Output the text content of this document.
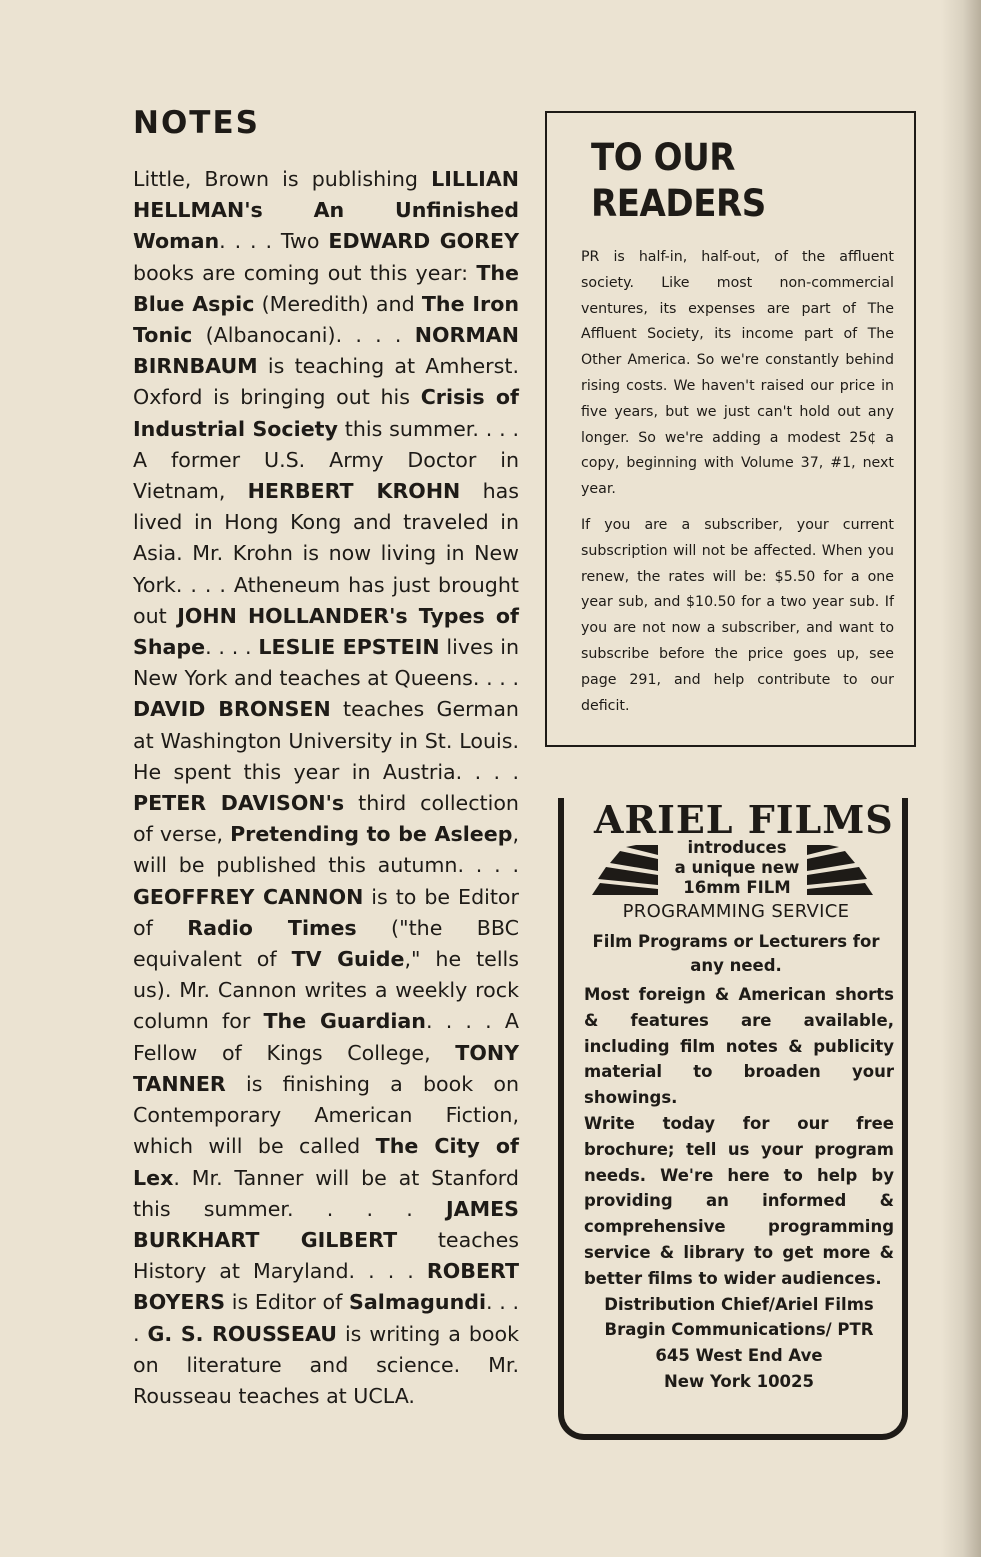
NOTES

Little, Brown is publishing LILLIAN HELLMAN's An Unfinished Woman. . . . Two EDWARD GOREY books are coming out this year: The Blue Aspic (Meredith) and The Iron Tonic (Albanocani). . . . NORMAN BIRNBAUM is teaching at Amherst. Oxford is bringing out his Crisis of Industrial Society this summer. . . . A former U.S. Army Doctor in Vietnam, HERBERT KROHN has lived in Hong Kong and traveled in Asia. Mr. Krohn is now living in New York. . . . Atheneum has just brought out JOHN HOLLANDER's Types of Shape. . . . LESLIE EPSTEIN lives in New York and teaches at Queens. . . . DAVID BRONSEN teaches German at Washington University in St. Louis. He spent this year in Austria. . . . PETER DAVISON's third collection of verse, Pretending to be Asleep, will be published this autumn. . . . GEOFFREY CANNON is to be Editor of Radio Times ("the BBC equivalent of TV Guide," he tells us). Mr. Cannon writes a weekly rock column for The Guardian. . . . A Fellow of Kings College, TONY TANNER is finishing a book on Contemporary American Fiction, which will be called The City of Lex. Mr. Tanner will be at Stanford this summer. . . . JAMES BURKHART GILBERT teaches History at Maryland. . . . ROBERT BOYERS is Editor of Salmagundi. . . . G. S. ROUSSEAU is writing a book on literature and science. Mr. Rousseau teaches at UCLA.

TO OUR READERS

PR is half-in, half-out, of the affluent society. Like most non-commercial ventures, its expenses are part of The Affluent Society, its income part of The Other America. So we're constantly behind rising costs. We haven't raised our price in five years, but we just can't hold out any longer. So we're adding a modest 25¢ a copy, beginning with Volume 37, #1, next year.

If you are a subscriber, your current subscription will not be affected. When you renew, the rates will be: $5.50 for a one year sub, and $10.50 for a two year sub. If you are not now a subscriber, and want to subscribe before the price goes up, see page 291, and help contribute to our deficit.

ARIEL FILMS
introduces
a unique new
16mm FILM
PROGRAMMING SERVICE
Film Programs or Lecturers for any need.

Most foreign & American shorts & features are available, including film notes & publicity material to broaden your showings.

Write today for our free brochure; tell us your program needs. We're here to help by providing an informed & comprehensive programming service & library to get more & better films to wider audiences.

Distribution Chief/Ariel Films

Bragin Communications/ PTR

645 West End Ave

New York 10025
